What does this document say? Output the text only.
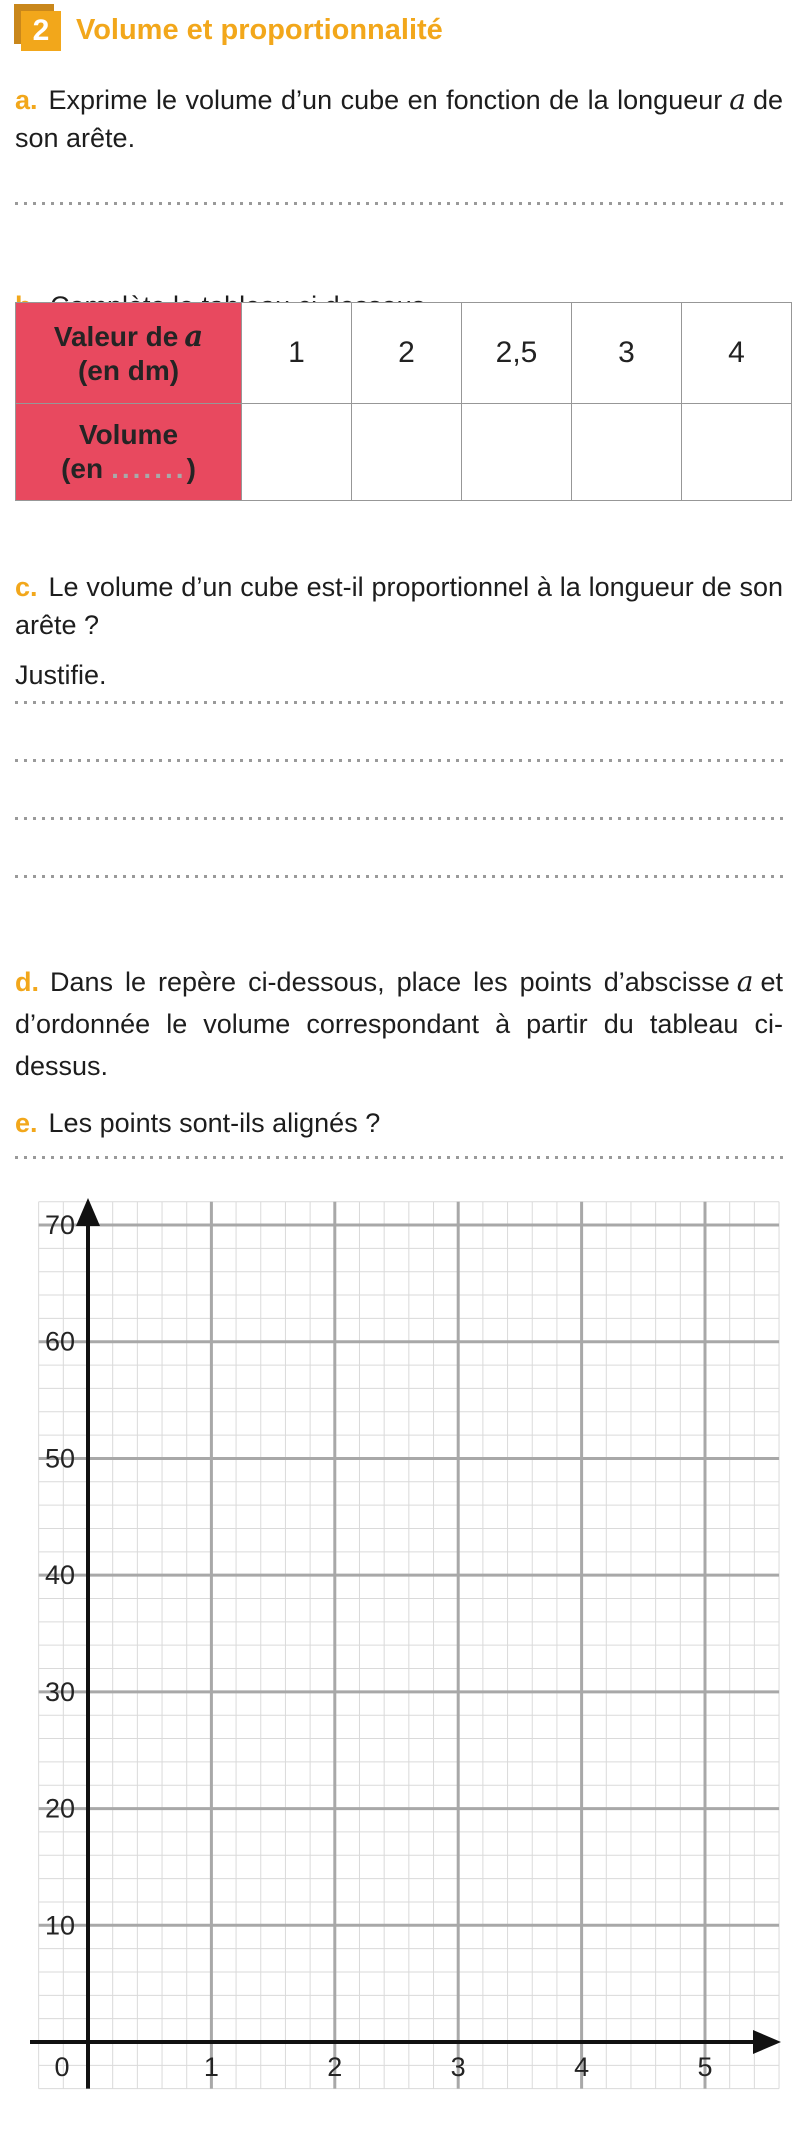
2 Volume et proportionnalité

a. Exprime le volume d’un cube en fonction de la longueur a de son arête.

Valeur de a
(en dm)	1	2	2,5	3	4
Volume
(en .......)					

c. Le volume d’un cube est-il proportionnel à la longueur de son arête ?

Justifie.

d. Dans le repère ci-dessous, place les points d’abscisse a et d’ordonnée le volume correspondant à partir du tableau ci-dessus.

e. Les points sont-ils alignés ?

10
20
30
40
50
60
70
0	1	2	3	4	5
